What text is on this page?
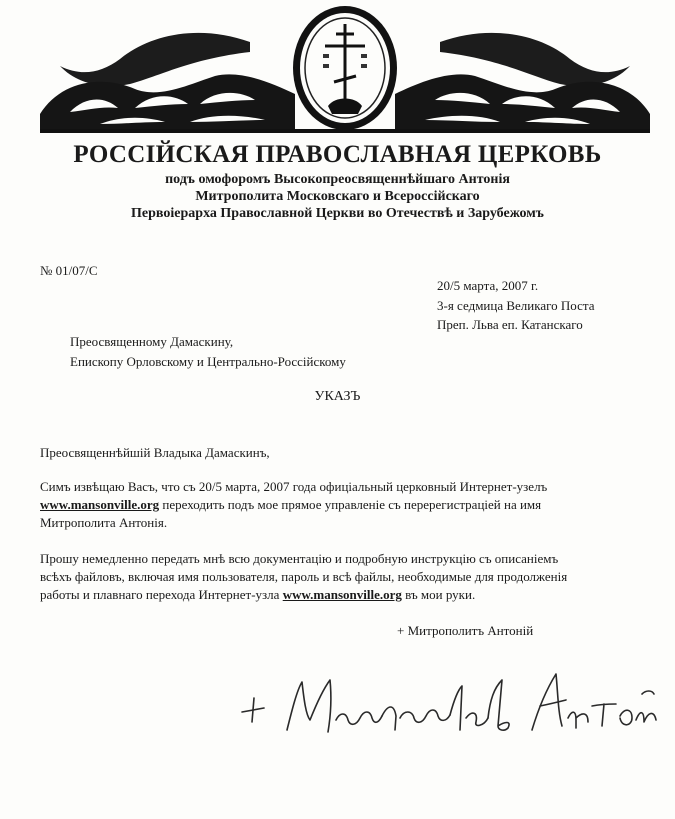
РОССІЙСКАЯ ПРАВОСЛАВНАЯ ЦЕРКОВЬ
подъ омофоромъ Высокопреосвященнѣйшаго Антонія
Митрополита Московскаго и Всероссійскаго
Первоіерарха Православной Церкви во Отечествѣ и Зарубежомъ
№ 01/07/С
20/5 марта, 2007 г.
3-я седмица Великаго Поста
Преп. Льва еп. Катанскаго
Преосвященному Дамаскину,
Епископу Орловскому и Центрально-Россійскому
УКАЗЪ
Преосвященнѣйшій Владыка Дамаскинъ,
Симъ извѣщаю Васъ, что съ 20/5 марта, 2007 года офиціальный церковный Интернет-узелъ
www.mansonville.org переходить подъ мое прямое управленіе съ перерегистраціей на имя
Митрополита Антонія.
Прошу немедленно передать мнѣ всю документацію и подробную инструкцію съ описаніемъ
всѣхъ файловъ, включая имя пользователя, пароль и всѣ файлы, необходимые для продолженія
работы и плавнаго перехода Интернет-узла www.mansonville.org въ мои руки.
+ Митрополитъ Антоній
